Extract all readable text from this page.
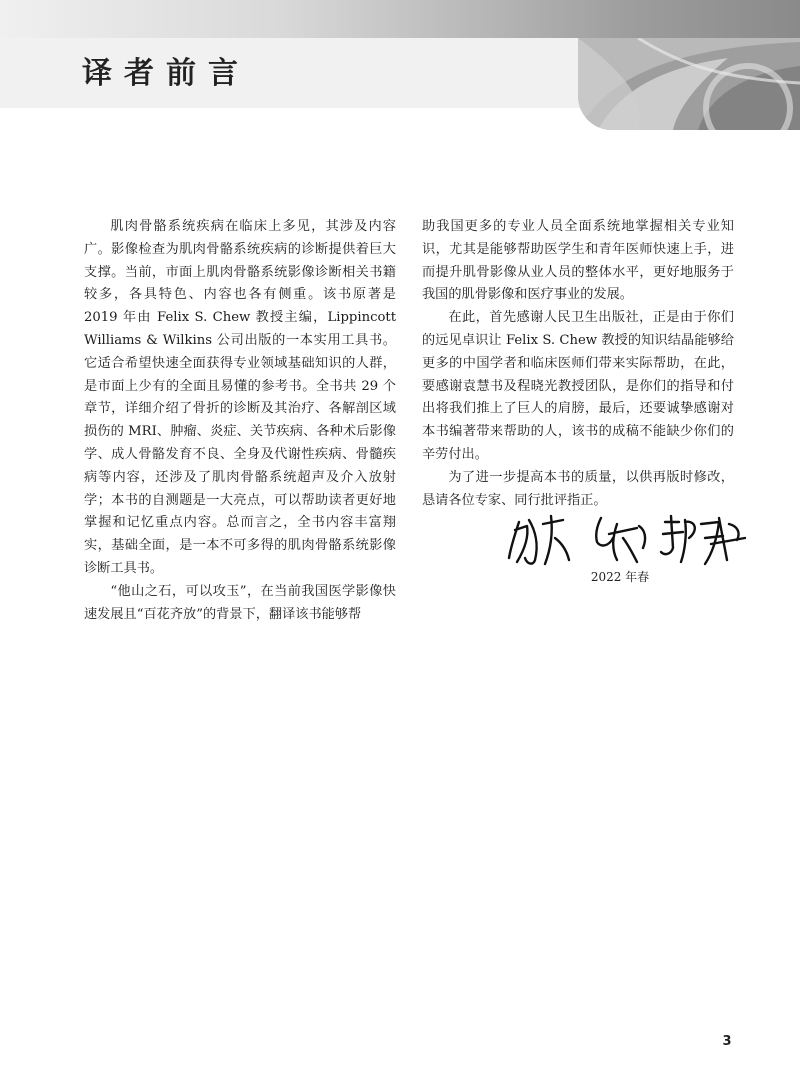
译者前言

肌肉骨骼系统疾病在临床上多见，其涉及内容广。影像检查为肌肉骨骼系统疾病的诊断提供着巨大支撑。当前，市面上肌肉骨骼系统影像诊断相关书籍较多，各具特色、内容也各有侧重。该书原著是 2019 年由 Felix S. Chew 教授主编，Lippincott Williams & Wilkins 公司出版的一本实用工具书。它适合希望快速全面获得专业领域基础知识的人群，是市面上少有的全面且易懂的参考书。全书共 29 个章节，详细介绍了骨折的诊断及其治疗、各解剖区域损伤的 MRI、肿瘤、炎症、关节疾病、各种术后影像学、成人骨骼发育不良、全身及代谢性疾病、骨髓疾病等内容，还涉及了肌肉骨骼系统超声及介入放射学；本书的自测题是一大亮点，可以帮助读者更好地掌握和记忆重点内容。总而言之，全书内容丰富翔实，基础全面，是一本不可多得的肌肉骨骼系统影像诊断工具书。

“他山之石，可以攻玉”，在当前我国医学影像快速发展且“百花齐放”的背景下，翻译该书能够帮

助我国更多的专业人员全面系统地掌握相关专业知识，尤其是能够帮助医学生和青年医师快速上手，进而提升肌骨影像从业人员的整体水平，更好地服务于我国的肌骨影像和医疗事业的发展。

在此，首先感谢人民卫生出版社，正是由于你们的远见卓识让 Felix S. Chew 教授的知识结晶能够给更多的中国学者和临床医师们带来实际帮助，在此，要感谢袁慧书及程晓光教授团队，是你们的指导和付出将我们推上了巨人的肩膀，最后，还要诚挚感谢对本书编著带来帮助的人，该书的成稿不能缺少你们的辛劳付出。

为了进一步提高本书的质量，以供再版时修改，恳请各位专家、同行批评指正。

2022 年春
3
